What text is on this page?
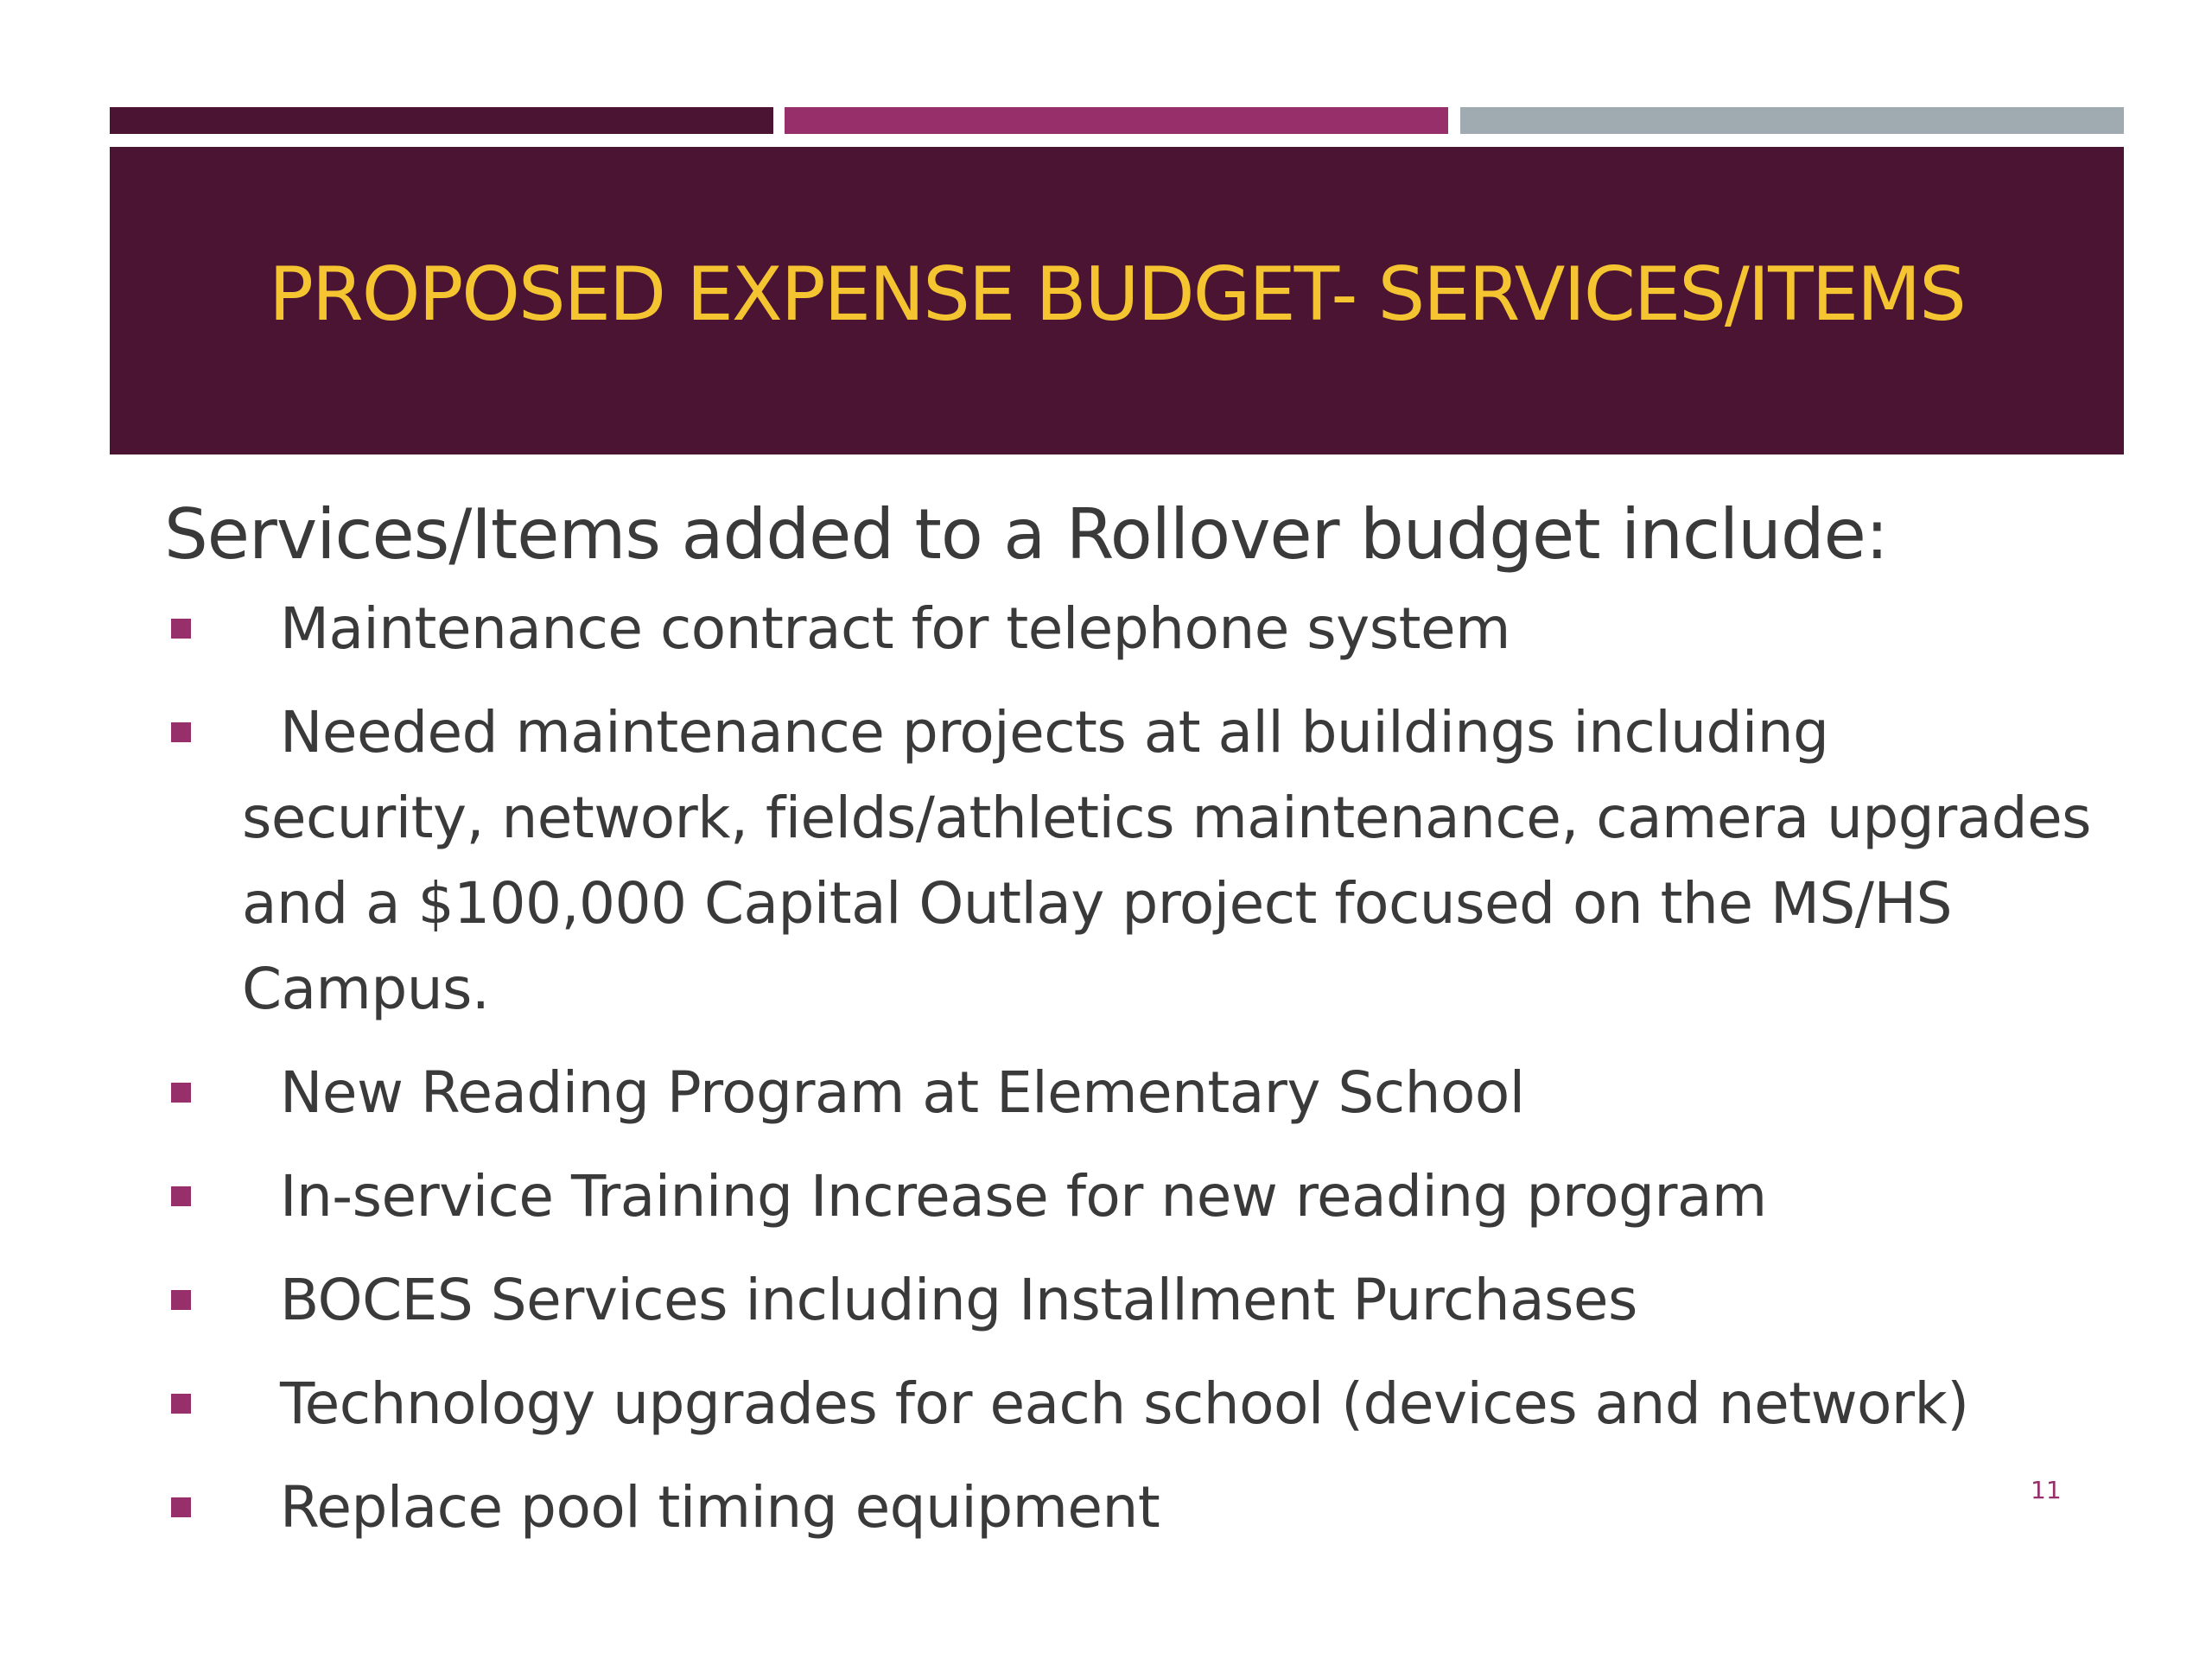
PROPOSED EXPENSE BUDGET- SERVICES/ITEMS
Services/Items added to a Rollover budget include:
Maintenance contract for telephone system
Needed maintenance projects at all buildings including
security, network, fields/athletics maintenance, camera upgrades
and a $100,000 Capital Outlay project focused on the MS/HS
Campus.
New Reading Program at Elementary School
In-service Training Increase for new reading program
BOCES Services including Installment Purchases
Technology upgrades for each school (devices and network)
Replace pool timing equipment	11
